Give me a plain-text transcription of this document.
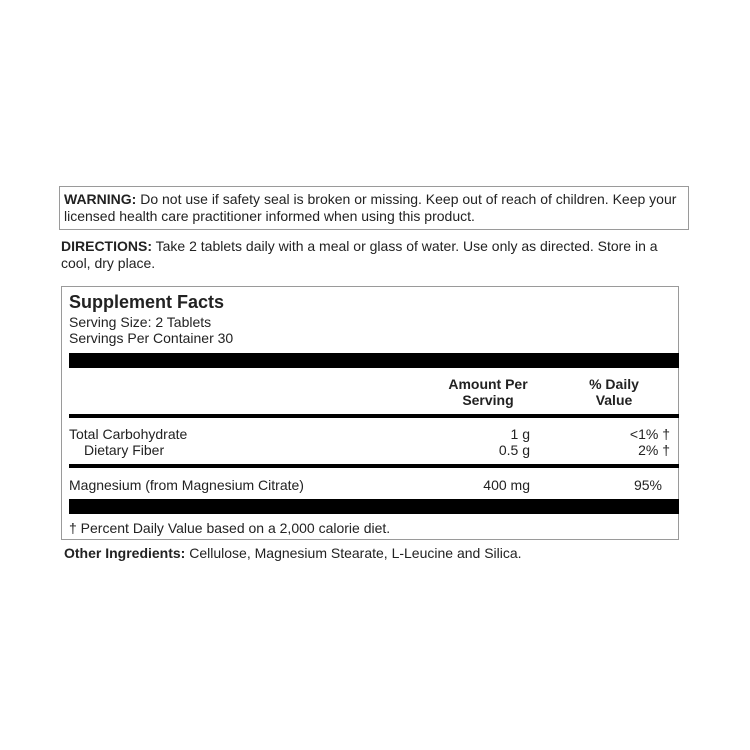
WARNING: Do not use if safety seal is broken or missing. Keep out of reach of children. Keep your licensed health care practitioner informed when using this product.
DIRECTIONS: Take 2 tablets daily with a meal or glass of water. Use only as directed. Store in a cool, dry place.
Supplement Facts
Serving Size: 2 Tablets
Servings Per Container 30
Amount Per
Serving
% Daily
Value
Total Carbohydrate	1 g	<1% †
Dietary Fiber	0.5 g	2% †
Magnesium (from Magnesium Citrate)	400 mg	95%
† Percent Daily Value based on a 2,000 calorie diet.
Other Ingredients: Cellulose, Magnesium Stearate, L-Leucine and Silica.
